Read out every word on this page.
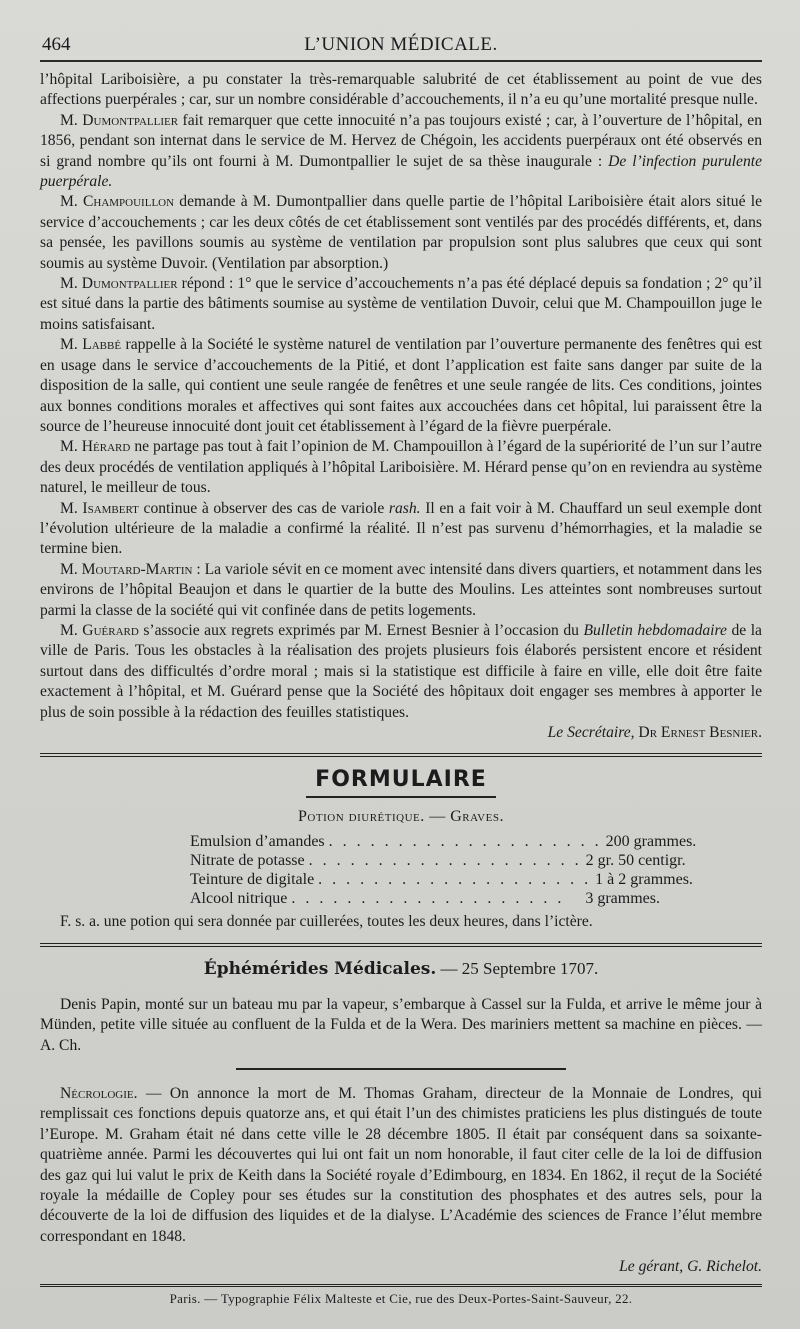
464	L’UNION MÉDICALE.

l’hôpital Lariboisière, a pu constater la très-remarquable salubrité de cet établissement au point de vue des affections puerpérales ; car, sur un nombre considérable d’accouchements, il n’a eu qu’une mortalité presque nulle.

M. Dumontpallier fait remarquer que cette innocuité n’a pas toujours existé ; car, à l’ouverture de l’hôpital, en 1856, pendant son internat dans le service de M. Hervez de Chégoin, les accidents puerpéraux ont été observés en si grand nombre qu’ils ont fourni à M. Dumontpallier le sujet de sa thèse inaugurale : De l’infection purulente puerpérale.

M. Champouillon demande à M. Dumontpallier dans quelle partie de l’hôpital Lariboisière était alors situé le service d’accouchements ; car les deux côtés de cet établissement sont ventilés par des procédés différents, et, dans sa pensée, les pavillons soumis au système de ventilation par propulsion sont plus salubres que ceux qui sont soumis au système Duvoir. (Ventilation par absorption.)

M. Dumontpallier répond : 1° que le service d’accouchements n’a pas été déplacé depuis sa fondation ; 2° qu’il est situé dans la partie des bâtiments soumise au système de ventilation Duvoir, celui que M. Champouillon juge le moins satisfaisant.

M. Labbé rappelle à la Société le système naturel de ventilation par l’ouverture permanente des fenêtres qui est en usage dans le service d’accouchements de la Pitié, et dont l’application est faite sans danger par suite de la disposition de la salle, qui contient une seule rangée de fenêtres et une seule rangée de lits. Ces conditions, jointes aux bonnes conditions morales et affectives qui sont faites aux accouchées dans cet hôpital, lui paraissent être la source de l’heureuse innocuité dont jouit cet établissement à l’égard de la fièvre puerpérale.

M. Hérard ne partage pas tout à fait l’opinion de M. Champouillon à l’égard de la supériorité de l’un sur l’autre des deux procédés de ventilation appliqués à l’hôpital Lariboisière. M. Hérard pense qu’on en reviendra au système naturel, le meilleur de tous.

M. Isambert continue à observer des cas de variole rash. Il en a fait voir à M. Chauffard un seul exemple dont l’évolution ultérieure de la maladie a confirmé la réalité. Il n’est pas survenu d’hémorrhagies, et la maladie se termine bien.

M. Moutard-Martin : La variole sévit en ce moment avec intensité dans divers quartiers, et notamment dans les environs de l’hôpital Beaujon et dans le quartier de la butte des Moulins. Les atteintes sont nombreuses surtout parmi la classe de la société qui vit confinée dans de petits logements.

M. Guérard s’associe aux regrets exprimés par M. Ernest Besnier à l’occasion du Bulletin hebdomadaire de la ville de Paris. Tous les obstacles à la réalisation des projets plusieurs fois élaborés persistent encore et résident surtout dans des difficultés d’ordre moral ; mais si la statistique est difficile à faire en ville, elle doit être faite exactement à l’hôpital, et M. Guérard pense que la Société des hôpitaux doit engager ses membres à apporter le plus de soin possible à la rédaction des feuilles statistiques.

Le Secrétaire, Dr Ernest Besnier.
FORMULAIRE
Potion diurétique. — Graves.
Emulsion d’amandes . . . . . . . . . . . . . . . . . . . . 200 grammes.
Nitrate de potasse . . . . . . . . . . . . . . . . . . . . 2 gr. 50 centigr.
Teinture de digitale . . . . . . . . . . . . . . . . . . . . 1 à 2 grammes.
Alcool nitrique . . . . . . . . . . . . . . . . . . . .	3 grammes.

F. s. a. une potion qui sera donnée par cuillerées, toutes les deux heures, dans l’ictère.

Éphémérides Médicales. — 25 Septembre 1707.

Denis Papin, monté sur un bateau mu par la vapeur, s’embarque à Cassel sur la Fulda, et arrive le même jour à Münden, petite ville située au confluent de la Fulda et de la Wera. Des mariniers mettent sa machine en pièces. — A. Ch.

Nécrologie. — On annonce la mort de M. Thomas Graham, directeur de la Monnaie de Londres, qui remplissait ces fonctions depuis quatorze ans, et qui était l’un des chimistes praticiens les plus distingués de toute l’Europe. M. Graham était né dans cette ville le 28 décembre 1805. Il était par conséquent dans sa soixante-quatrième année. Parmi les découvertes qui lui ont fait un nom honorable, il faut citer celle de la loi de diffusion des gaz qui lui valut le prix de Keith dans la Société royale d’Edimbourg, en 1834. En 1862, il reçut de la Société royale la médaille de Copley pour ses études sur la constitution des phosphates et des autres sels, pour la découverte de la loi de diffusion des liquides et de la dialyse. L’Académie des sciences de France l’élut membre correspondant en 1848.

Le gérant, G. Richelot.
Paris. — Typographie Félix Malteste et Cie, rue des Deux-Portes-Saint-Sauveur, 22.
